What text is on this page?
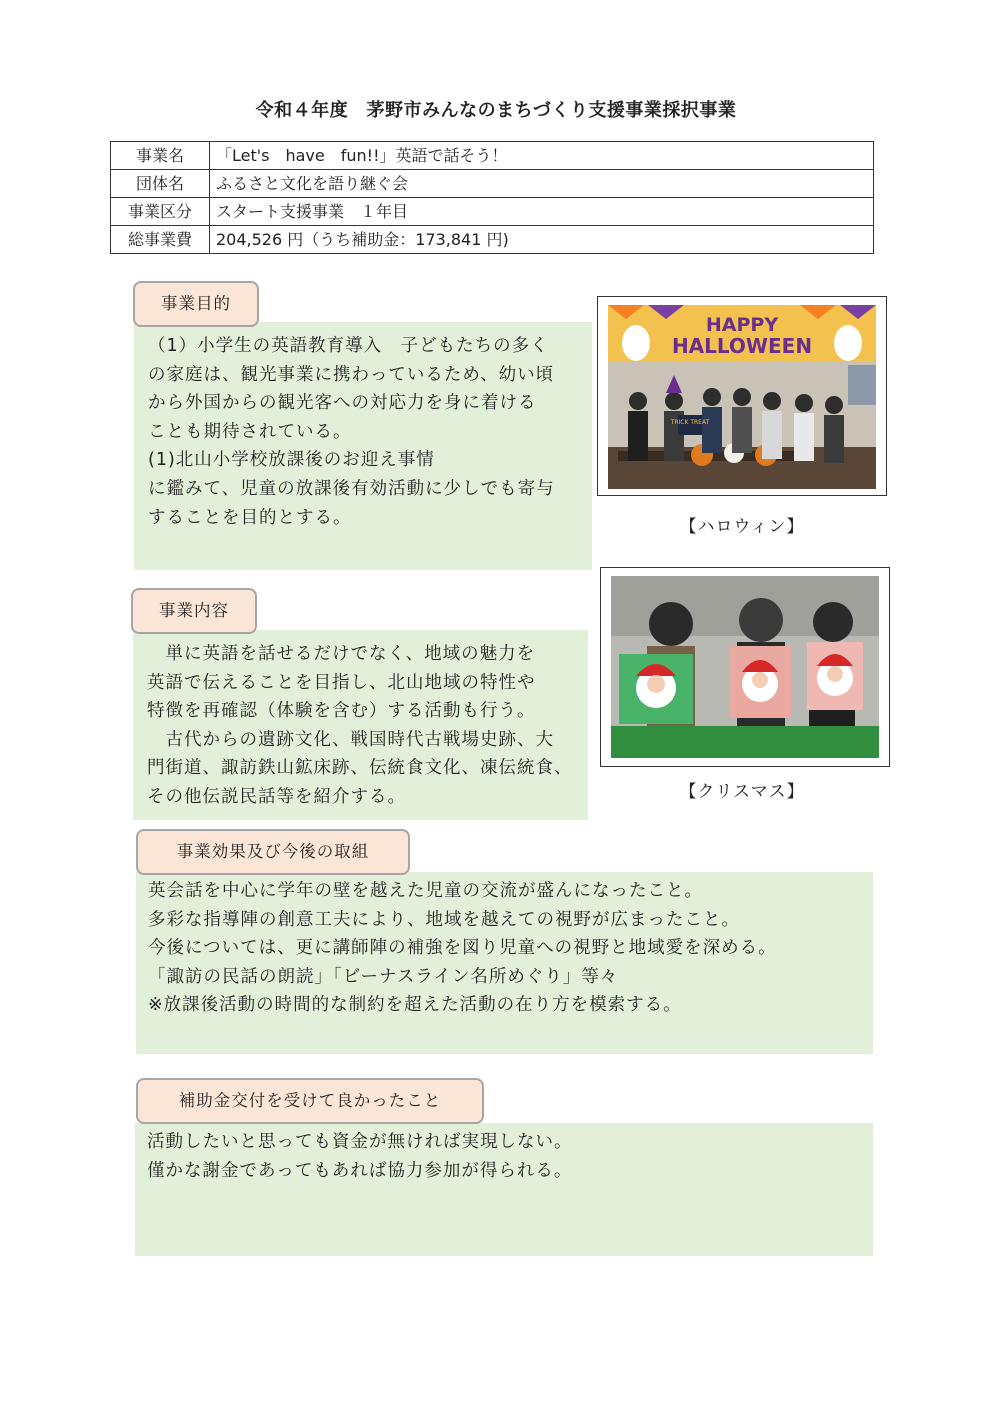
令和４年度　茅野市みんなのまちづくり支援事業採択事業
事業名	「Let's　have　fun!!」英語で話そう！
団体名	ふるさと文化を語り継ぐ会
事業区分	スタート支援事業　１年目
総事業費	204,526 円（うち補助金：173,841 円)
（1）小学生の英語教育導入　子どもたちの多く
の家庭は、観光事業に携わっているため、幼い頃
から外国からの観光客への対応力を身に着ける
ことも期待されている。
(1)北山小学校放課後のお迎え事情
に鑑みて、児童の放課後有効活動に少しでも寄与
することを目的とする。
事業目的
　単に英語を話せるだけでなく、地域の魅力を
英語で伝えることを目指し、北山地域の特性や
特徴を再確認（体験を含む）する活動も行う。
　古代からの遺跡文化、戦国時代古戦場史跡、大
門街道、諏訪鉄山鉱床跡、伝統食文化、凍伝統食、
その他伝説民話等を紹介する。
事業内容
英会話を中心に学年の壁を越えた児童の交流が盛んになったこと。
多彩な指導陣の創意工夫により、地域を越えての視野が広まったこと。
今後については、更に講師陣の補強を図り児童への視野と地域愛を深める。
「諏訪の民話の朗読」「ビーナスライン名所めぐり」等々
※放課後活動の時間的な制約を超えた活動の在り方を模索する。
事業効果及び今後の取組
活動したいと思っても資金が無ければ実現しない。
僅かな謝金であってもあれば協力参加が得られる。
補助金交付を受けて良かったこと
HAPPY
HALLOWEEN
TRICK TREAT
【ハロウィン】
【クリスマス】
